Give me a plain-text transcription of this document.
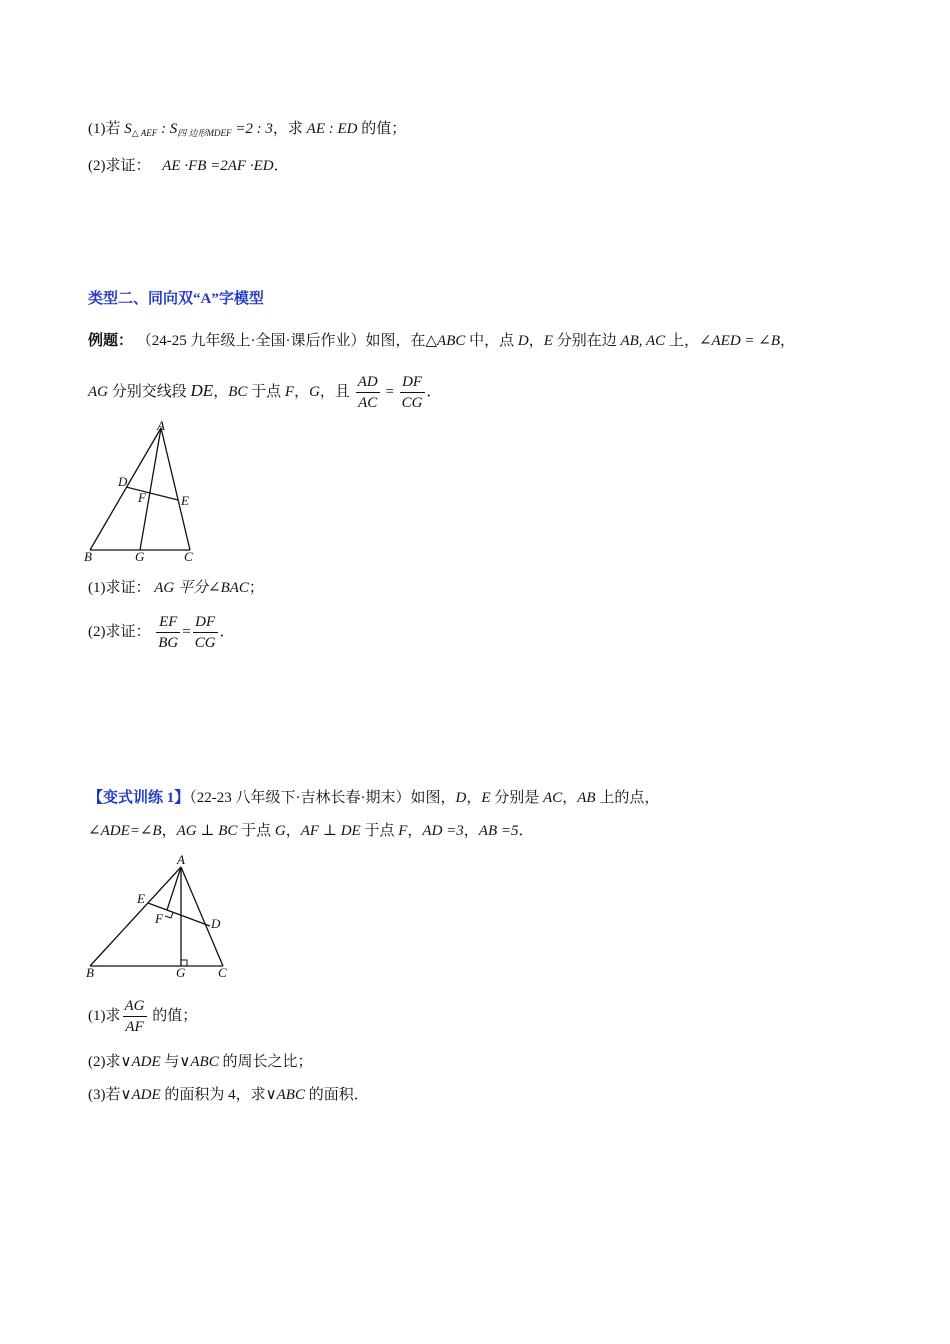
(1)若 $S_{\triangle AEF}$ : $S_{四 边形MDEF} =2$ : 3，求 AE : ED 的值；
(2)求证： AE ·FB =2AF ·ED．
类型二、同向双“A”字模型
例题： （24-25 九年级上·全国·课后作业）如图，在△ABC 中，点 D，E 分别在边 AB, AC 上，∠AED = ∠B，
AG 分别交线段 DE，BC 于点 F，G，且 $\frac{AD}{AC} = \frac{DF}{CG}$ ．
A
B	C
D
E
F
G
(1)求证： AG 平分∠BAC；
(2)求证： $\frac{EF}{BG} = \frac{DF}{CG}$ ．
【变式训练 1】（22-23 八年级下·吉林长春·期末）如图，D，E 分别是 AC，AB 上的点，
∠ADE=∠B，AG ⊥ BC 于点 G，AF ⊥ DE 于点 F，AD =3，AB =5．
A
B	C
D
E
F
G
(1)求 $\frac{AG}{AF}$ 的值；
(2)求∨ADE 与∨ABC 的周长之比；
(3)若∨ADE 的面积为 4，求∨ABC 的面积．
